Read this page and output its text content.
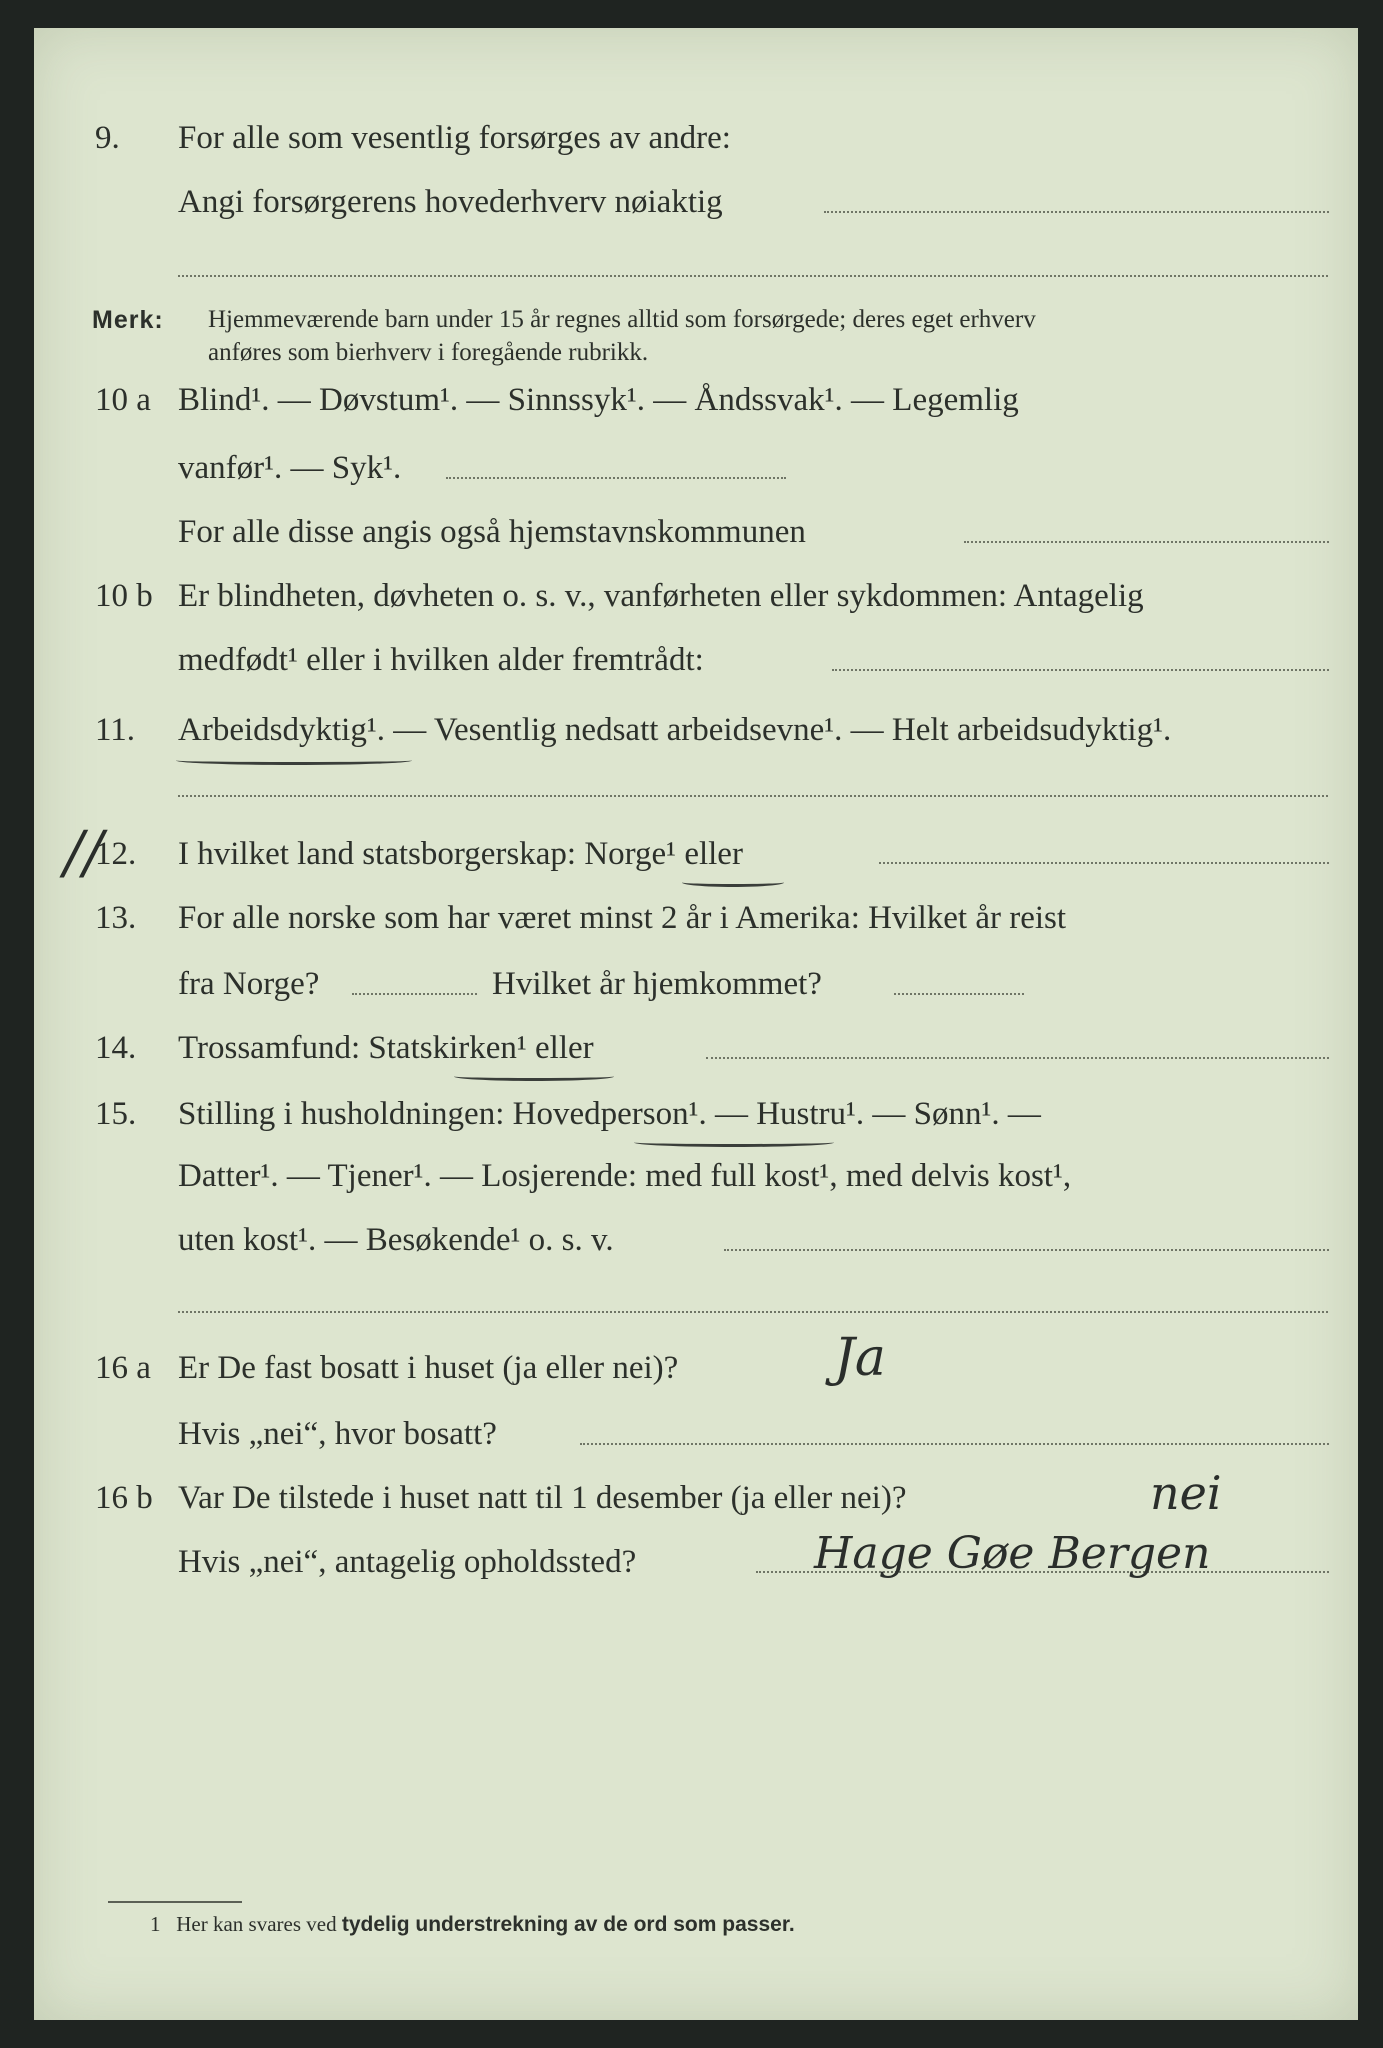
9. For alle som vesentlig forsørges av andre:
Angi forsørgerens hovederhverv nøiaktig
Merk: Hjemmeværende barn under 15 år regnes alltid som forsørgede; deres eget erhverv
anføres som bierhverv i foregående rubrikk.
10 a Blind¹. — Døvstum¹. — Sinnssyk¹. — Åndssvak¹. — Legemlig
vanfør¹. — Syk¹.
For alle disse angis også hjemstavnskommunen
10 b Er blindheten, døvheten o. s. v., vanførheten eller sykdommen: Antagelig
medfødt¹ eller i hvilken alder fremtrådt:
11. Arbeidsdyktig¹. — Vesentlig nedsatt arbeidsevne¹. — Helt arbeidsudyktig¹.
//
12. I hvilket land statsborgerskap: Norge¹ eller
13. For alle norske som har været minst 2 år i Amerika: Hvilket år reist
fra Norge?	Hvilket år hjemkommet?
14. Trossamfund: Statskirken¹ eller
15. Stilling i husholdningen: Hovedperson¹. — Hustru¹. — Sønn¹. —
Datter¹. — Tjener¹. — Losjerende: med full kost¹, med delvis kost¹,
uten kost¹. — Besøkende¹ o. s. v.
16 a Er De fast bosatt i huset (ja eller nei)?	Ja
Hvis „nei“, hvor bosatt?
16 b Var De tilstede i huset natt til 1 desember (ja eller nei)?	nei
Hvis „nei“, antagelig opholdssted?	Hage Gøe Bergen
1 Her kan svares ved tydelig understrekning av de ord som passer.
